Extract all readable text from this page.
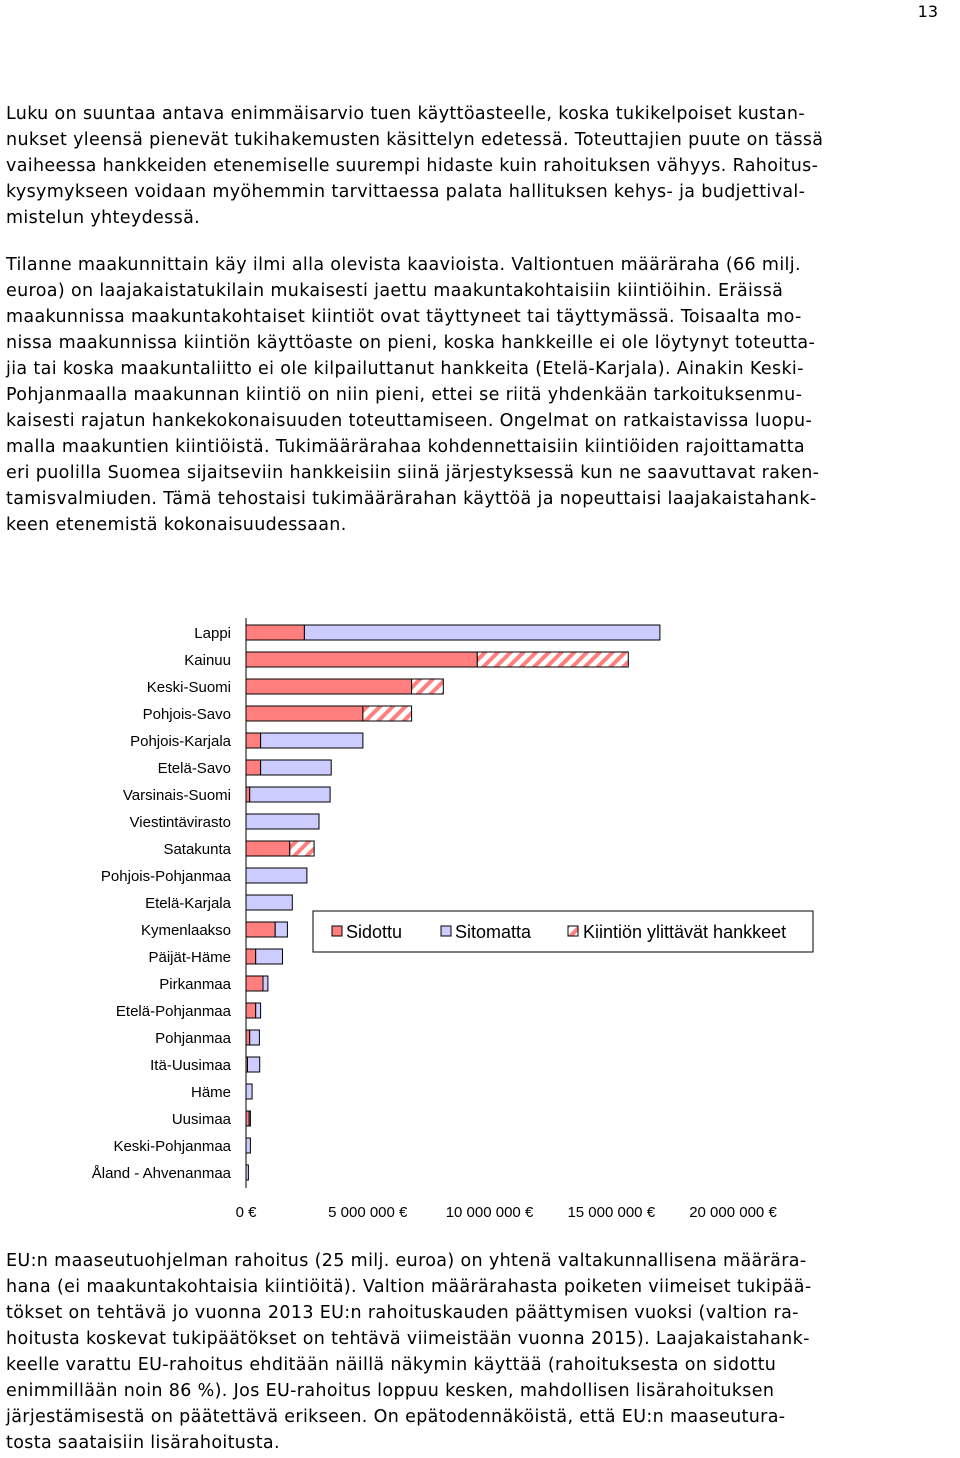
13
Luku on suuntaa antava enimmäisarvio tuen käyttöasteelle, koska tukikelpoiset kustan-
nukset yleensä pienevät tukihakemusten käsittelyn edetessä. Toteuttajien puute on tässä
vaiheessa hankkeiden etenemiselle suurempi hidaste kuin rahoituksen vähyys. Rahoitus-
kysymykseen voidaan myöhemmin tarvittaessa palata hallituksen kehys- ja budjettival-
mistelun yhteydessä.
Tilanne maakunnittain käy ilmi alla olevista kaavioista. Valtiontuen määräraha (66 milj.
euroa) on laajakaistatukilain mukaisesti jaettu maakuntakohtaisiin kiintiöihin. Eräissä
maakunnissa maakuntakohtaiset kiintiöt ovat täyttyneet tai täyttymässä. Toisaalta mo-
nissa maakunnissa kiintiön käyttöaste on pieni, koska hankkeille ei ole löytynyt toteutta-
jia tai koska maakuntaliitto ei ole kilpailuttanut hankkeita (Etelä-Karjala). Ainakin Keski-
Pohjanmaalla maakunnan kiintiö on niin pieni, ettei se riitä yhdenkään tarkoituksenmu-
kaisesti rajatun hankekokonaisuuden toteuttamiseen. Ongelmat on ratkaistavissa luopu-
malla maakuntien kiintiöistä. Tukimäärärahaa kohdennettaisiin kiintiöiden rajoittamatta
eri puolilla Suomea sijaitseviin hankkeisiin siinä järjestyksessä kun ne saavuttavat raken-
tamisvalmiuden. Tämä tehostaisi tukimäärärahan käyttöä ja nopeuttaisi laajakaistahank-
keen etenemistä kokonaisuudessaan.
Lappi
Kainuu
Keski-Suomi
Pohjois-Savo
Pohjois-Karjala
Etelä-Savo
Varsinais-Suomi
Viestintävirasto
Satakunta
Pohjois-Pohjanmaa
Etelä-Karjala
Kymenlaakso
Päijät-Häme
Pirkanmaa
Etelä-Pohjanmaa
Pohjanmaa
Itä-Uusimaa
Häme
Uusimaa
Keski-Pohjanmaa
Åland - Ahvenanmaa
0 €	5 000 000 €	10 000 000 € 15 000 000 € 20 000 000 €
Sidottu	Sitomatta	Kiintiön ylittävät hankkeet
EU:n maaseutuohjelman rahoitus (25 milj. euroa) on yhtenä valtakunnallisena määrära-
hana (ei maakuntakohtaisia kiintiöitä). Valtion määrärahasta poiketen viimeiset tukipää-
tökset on tehtävä jo vuonna 2013 EU:n rahoituskauden päättymisen vuoksi (valtion ra-
hoitusta koskevat tukipäätökset on tehtävä viimeistään vuonna 2015). Laajakaistahank-
keelle varattu EU-rahoitus ehditään näillä näkymin käyttää (rahoituksesta on sidottu
enimmillään noin 86 %). Jos EU-rahoitus loppuu kesken, mahdollisen lisärahoituksen
järjestämisestä on päätettävä erikseen. On epätodennäköistä, että EU:n maaseutura-
tosta saataisiin lisärahoitusta.
